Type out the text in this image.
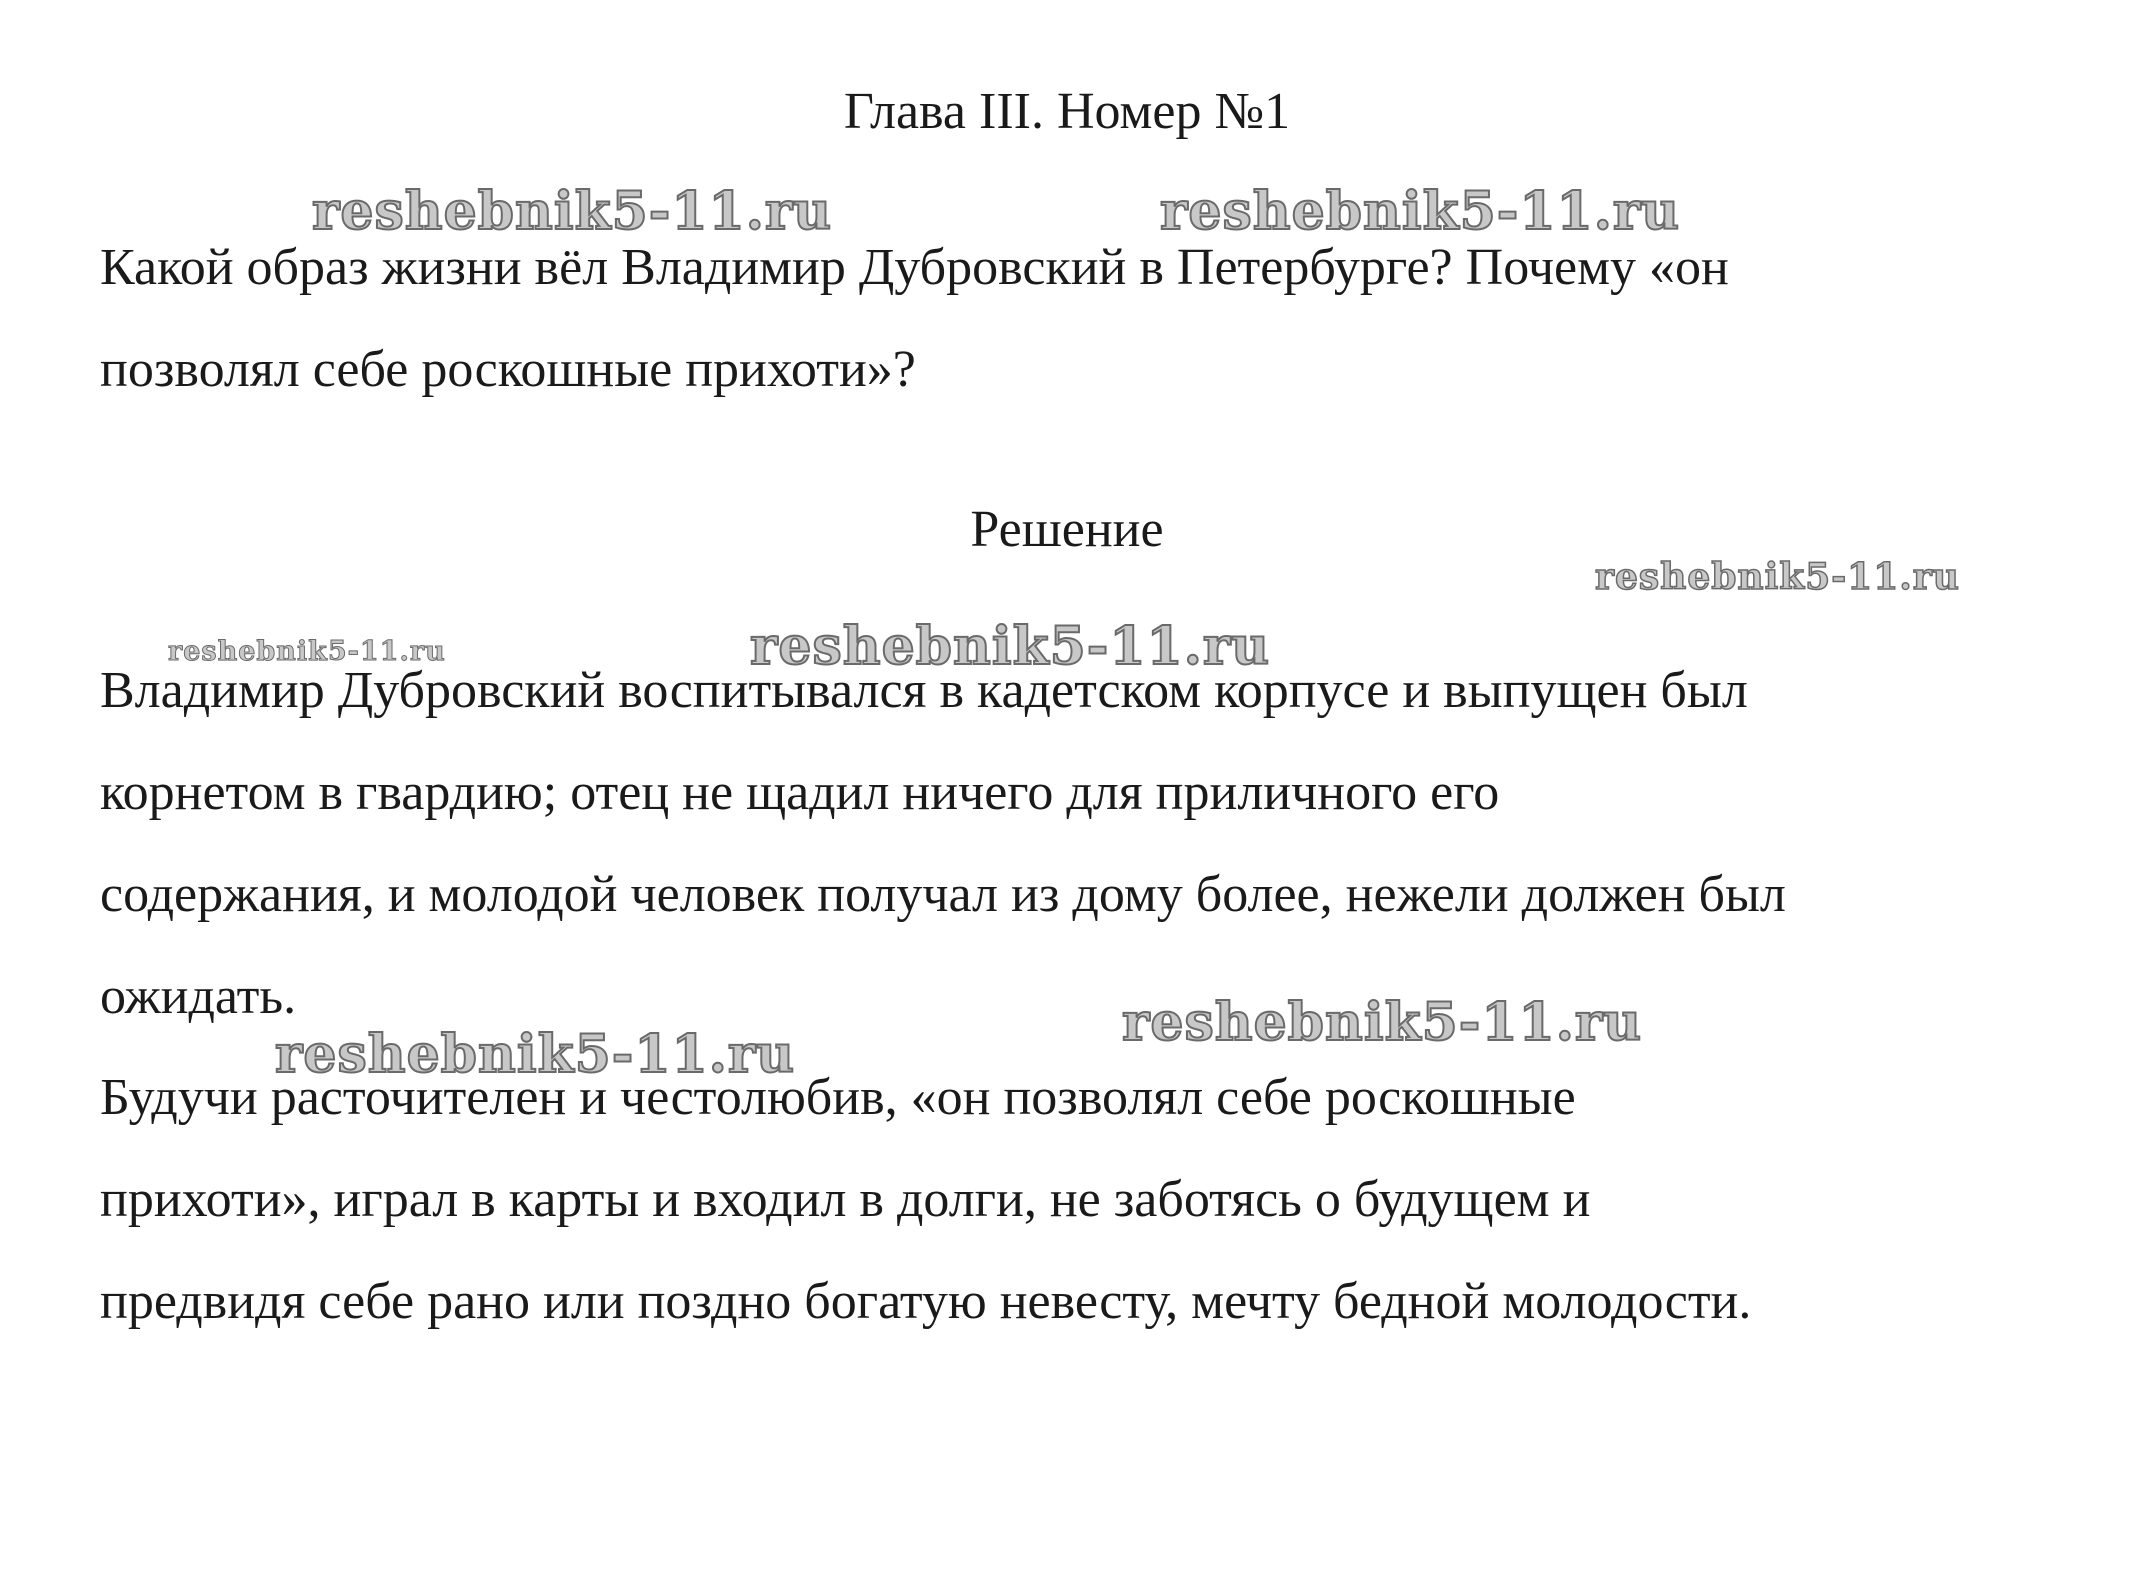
Глава III. Номер №1

Какой образ жизни вёл Владимир Дубровский в Петербурге? Почему «он
позволял себе роскошные прихоти»?

Решение

Владимир Дубровский воспитывался в кадетском корпусе и выпущен был
корнетом в гвардию; отец не щадил ничего для приличного его
содержания, и молодой человек получал из дому более, нежели должен был
ожидать.

Будучи расточителен и честолюбив, «он позволял себе роскошные
прихоти», играл в карты и входил в долги, не заботясь о будущем и
предвидя себе рано или поздно богатую невесту, мечту бедной молодости.

reshebnik5-11.ru	reshebnik5-11.ru
reshebnik5-11.ru
reshebnik5-11.ru	reshebnik5-11.ru
reshebnik5-11.ru
reshebnik5-11.ru
